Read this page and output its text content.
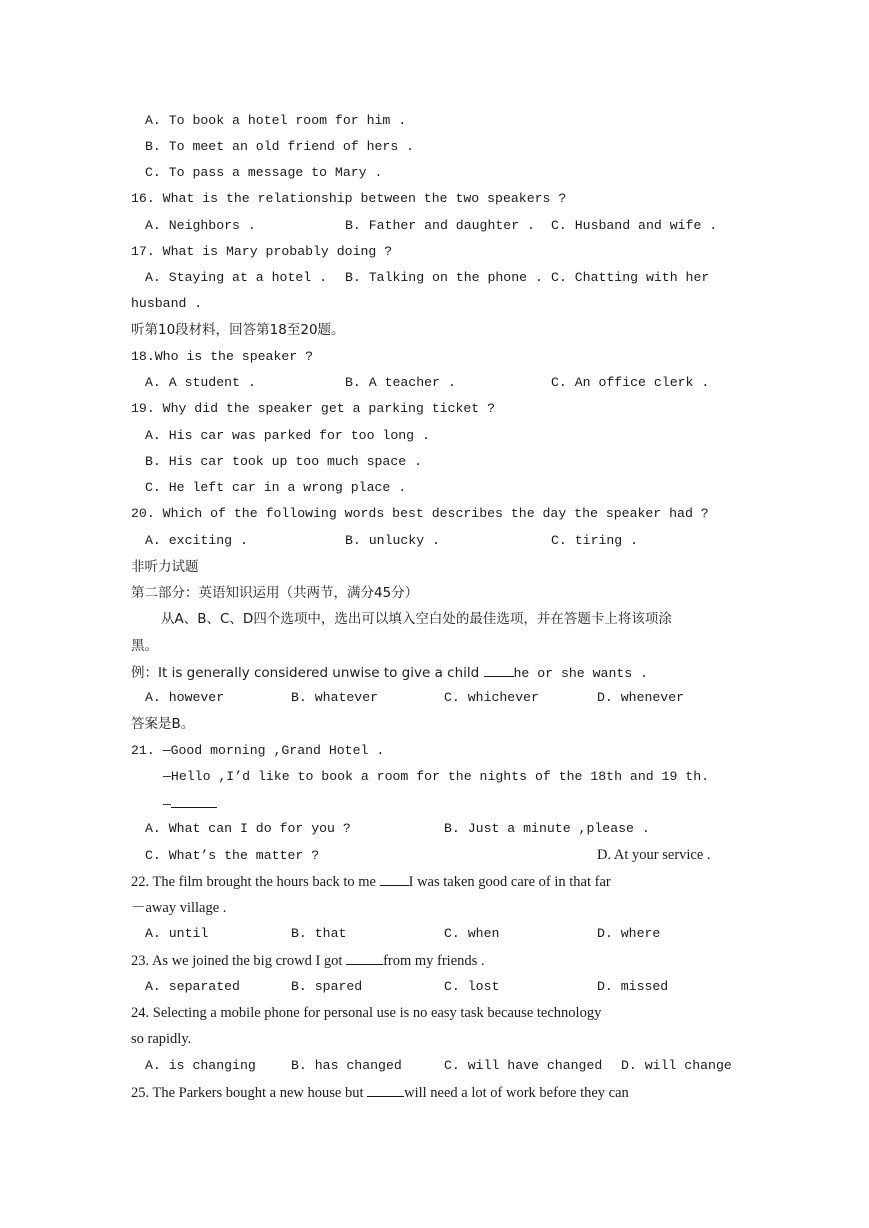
A. To book a hotel room for him .
B. To meet an old friend of hers .
C. To pass a message to Mary .
16. What is the relationship between the two speakers ?
A. Neighbors .	B. Father and daughter . C. Husband and wife .
17. What is Mary probably doing ?
A. Staying at a hotel . B. Talking on the phone . C. Chatting with her
husband .
听第10段材料，回答第18至20题。
18.Who is the speaker ?
A. A student .	B. A teacher .	C. An office clerk .
19. Why did the speaker get a parking ticket ?
A. His car was parked for too long .
B. His car took up too much space .
C. He left car in a wrong place .
20. Which of the following words best describes the day the speaker had ?
A. exciting .	B. unlucky .	C. tiring .
非听力试题
第二部分：英语知识运用（共两节，满分45分）
从A、B、C、D四个选项中，选出可以填入空白处的最佳选项，并在答题卡上将该项涂
黑。
例：It is generally considered unwise to give a child he or she wants .
A. however	B. whatever	C. whichever	D. whenever
答案是B。
21. —Good morning ,Grand Hotel .
—Hello ,I’d like to book a room for the nights of the 18th and 19 th.
—
A. What can I do for you ?	B. Just a minute ,please .
C. What’s the matter ?	D. At your service .
22. The film brought the hours back to me I was taken good care of in that far
－away village .
A. until	B. that	C. when	D. where
23. As we joined the big crowd I got	from my friends .
A. separated	B. spared	C. lost	D. missed
24. Selecting a mobile phone for personal use is no easy task because technology
so rapidly.
A. is changing	B. has changed	C. will have changed D. will change
25. The Parkers bought a new house but	will need a lot of work before they can
